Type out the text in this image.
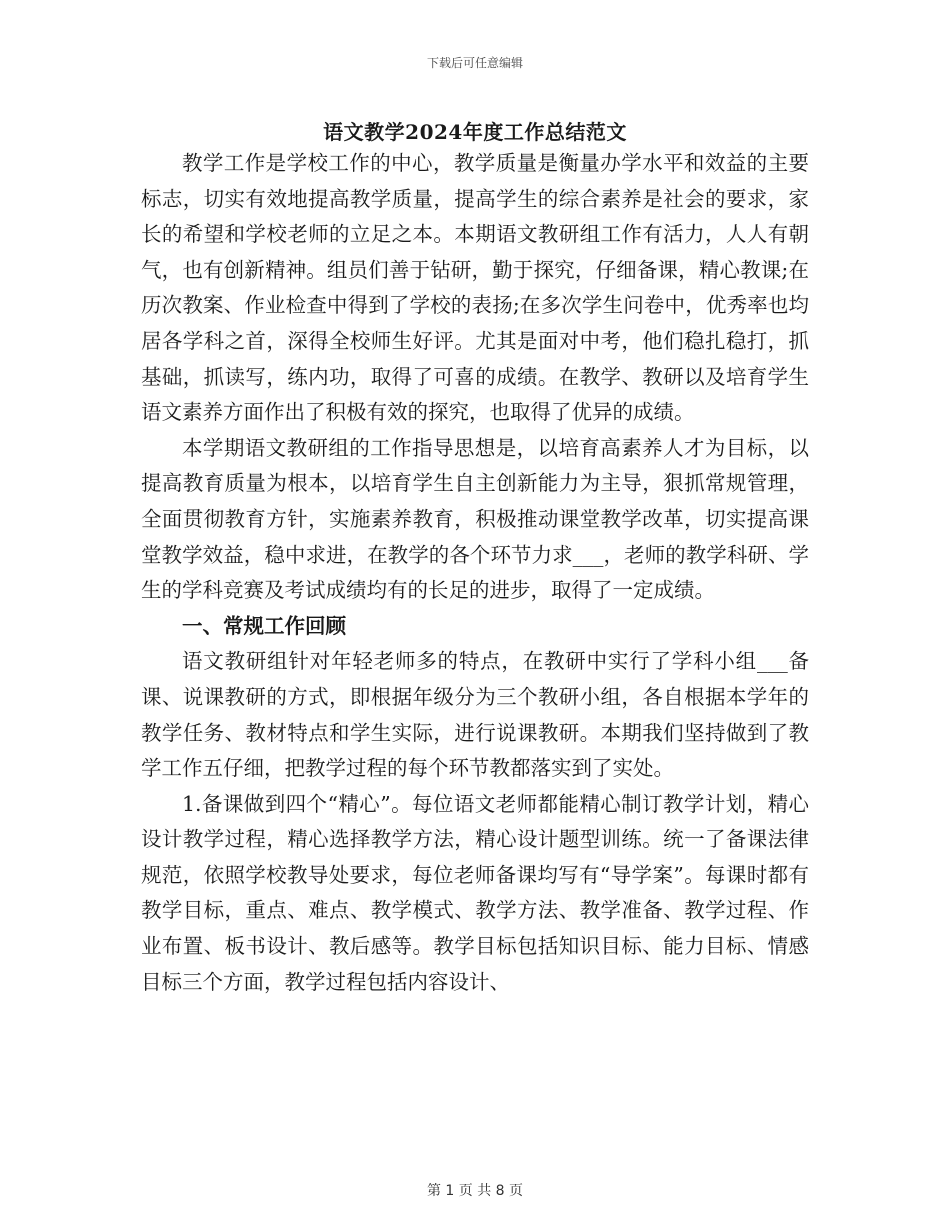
下载后可任意编辑
语文教学2024年度工作总结范文

教学工作是学校工作的中心，教学质量是衡量办学水平和效益的主要标志，切实有效地提高教学质量，提高学生的综合素养是社会的要求，家长的希望和学校老师的立足之本。本期语文教研组工作有活力，人人有朝气，也有创新精神。组员们善于钻研，勤于探究，仔细备课，精心教课;在历次教案、作业检查中得到了学校的表扬;在多次学生问卷中，优秀率也均居各学科之首，深得全校师生好评。尤其是面对中考，他们稳扎稳打，抓基础，抓读写，练内功，取得了可喜的成绩。在教学、教研以及培育学生语文素养方面作出了积极有效的探究，也取得了优异的成绩。

本学期语文教研组的工作指导思想是，以培育高素养人才为目标，以提高教育质量为根本，以培育学生自主创新能力为主导，狠抓常规管理，全面贯彻教育方针，实施素养教育，积极推动课堂教学改革，切实提高课堂教学效益，稳中求进，在教学的各个环节力求___，老师的教学科研、学生的学科竞赛及考试成绩均有的长足的进步，取得了一定成绩。

一、常规工作回顾

语文教研组针对年轻老师多的特点，在教研中实行了学科小组___备课、说课教研的方式，即根据年级分为三个教研小组，各自根据本学年的教学任务、教材特点和学生实际，进行说课教研。本期我们坚持做到了教学工作五仔细，把教学过程的每个环节教都落实到了实处。

1.备课做到四个“精心”。每位语文老师都能精心制订教学计划，精心设计教学过程，精心选择教学方法，精心设计题型训练。统一了备课法律规范，依照学校教导处要求，每位老师备课均写有“导学案”。每课时都有教学目标，重点、难点、教学模式、教学方法、教学准备、教学过程、作业布置、板书设计、教后感等。教学目标包括知识目标、能力目标、情感目标三个方面，教学过程包括内容设计、

第 1 页 共 8 页
